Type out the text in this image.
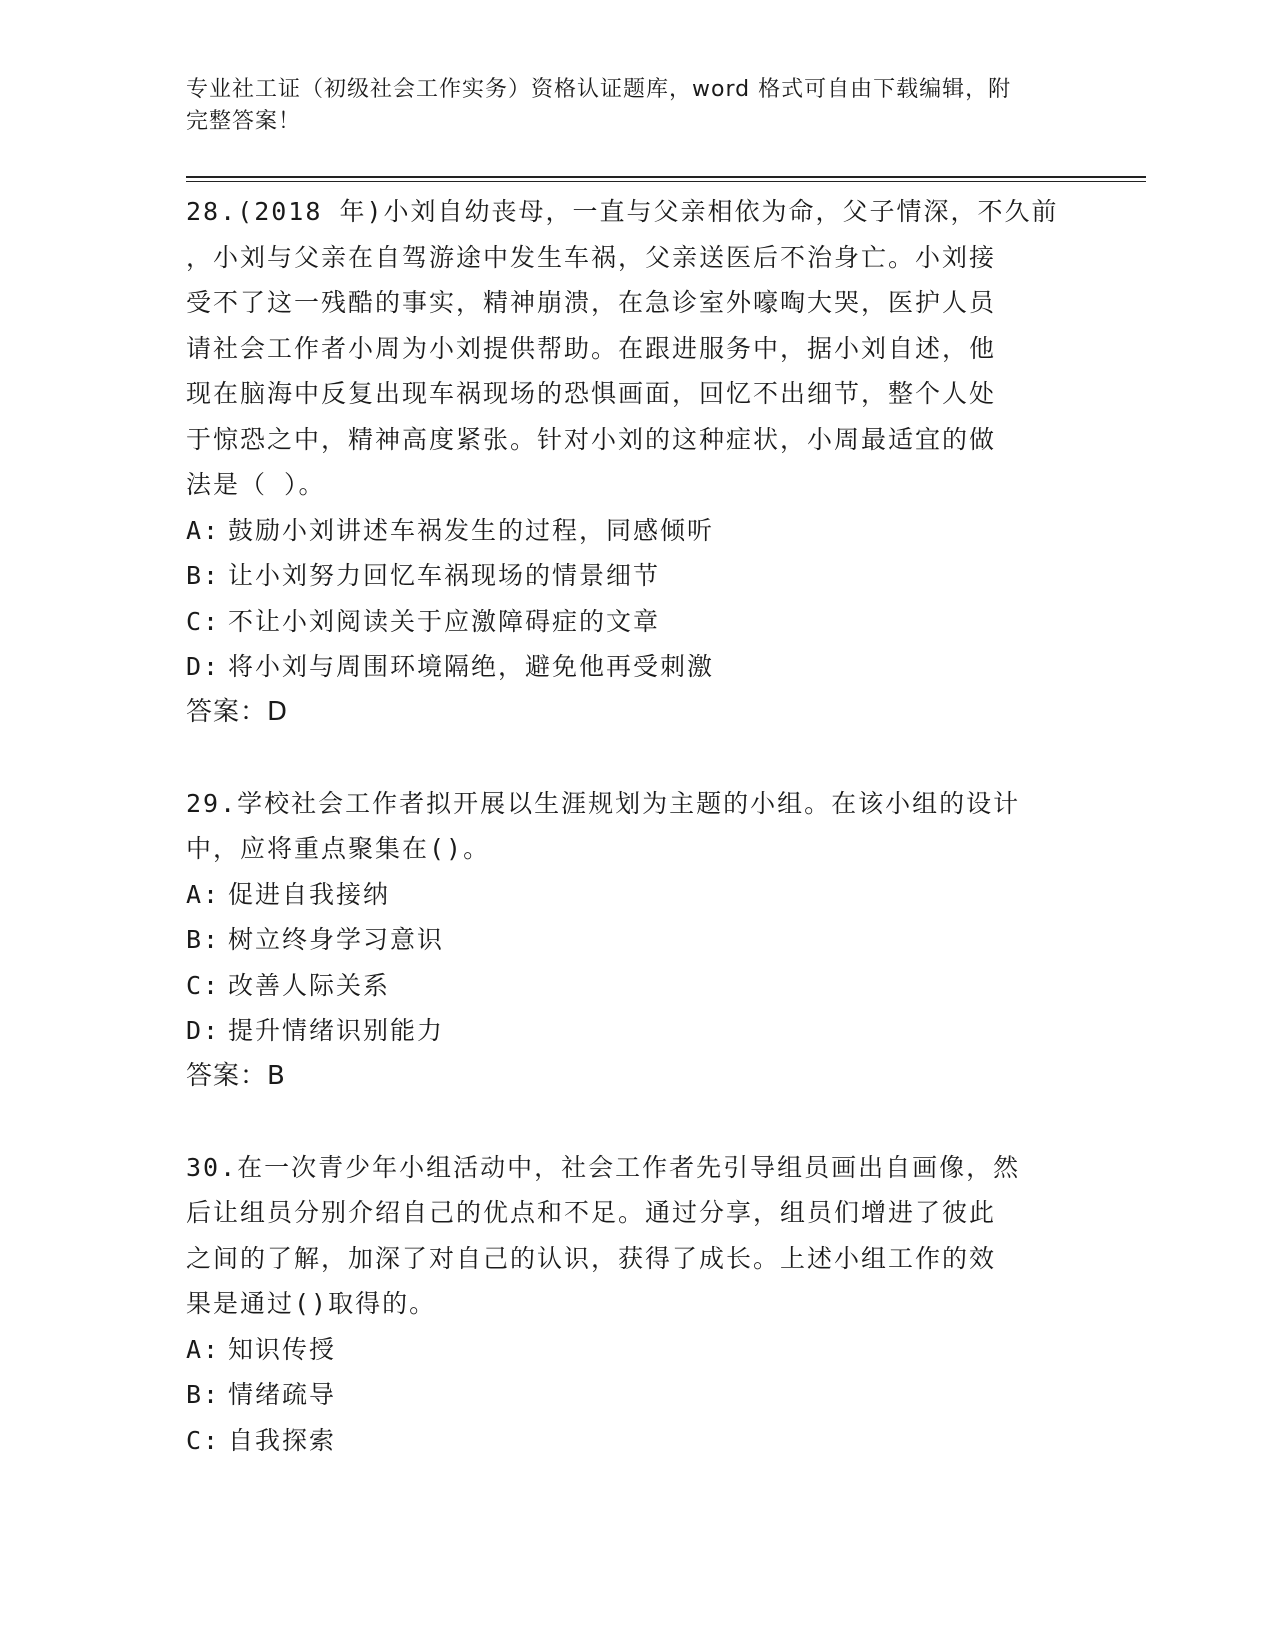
专业社工证（初级社会工作实务）资格认证题库，word 格式可自由下载编辑，附
完整答案！

28.(2018 年)小刘自幼丧母，一直与父亲相依为命，父子情深，不久前

，小刘与父亲在自驾游途中发生车祸，父亲送医后不治身亡。小刘接

受不了这一残酷的事实，精神崩溃，在急诊室外嚎啕大哭，医护人员

请社会工作者小周为小刘提供帮助。在跟进服务中，据小刘自述，他

现在脑海中反复出现车祸现场的恐惧画面，回忆不出细节，整个人处

于惊恐之中，精神高度紧张。针对小刘的这种症状，小周最适宜的做

法是（ ）。

A: 鼓励小刘讲述车祸发生的过程，同感倾听

B: 让小刘努力回忆车祸现场的情景细节

C: 不让小刘阅读关于应激障碍症的文章

D: 将小刘与周围环境隔绝，避免他再受刺激

答案：D

29.学校社会工作者拟开展以生涯规划为主题的小组。在该小组的设计

中，应将重点聚集在()。

A: 促进自我接纳

B: 树立终身学习意识

C: 改善人际关系

D: 提升情绪识别能力

答案：B

30.在一次青少年小组活动中，社会工作者先引导组员画出自画像，然

后让组员分别介绍自己的优点和不足。通过分享，组员们增进了彼此

之间的了解，加深了对自己的认识，获得了成长。上述小组工作的效

果是通过()取得的。

A: 知识传授

B: 情绪疏导

C: 自我探索
